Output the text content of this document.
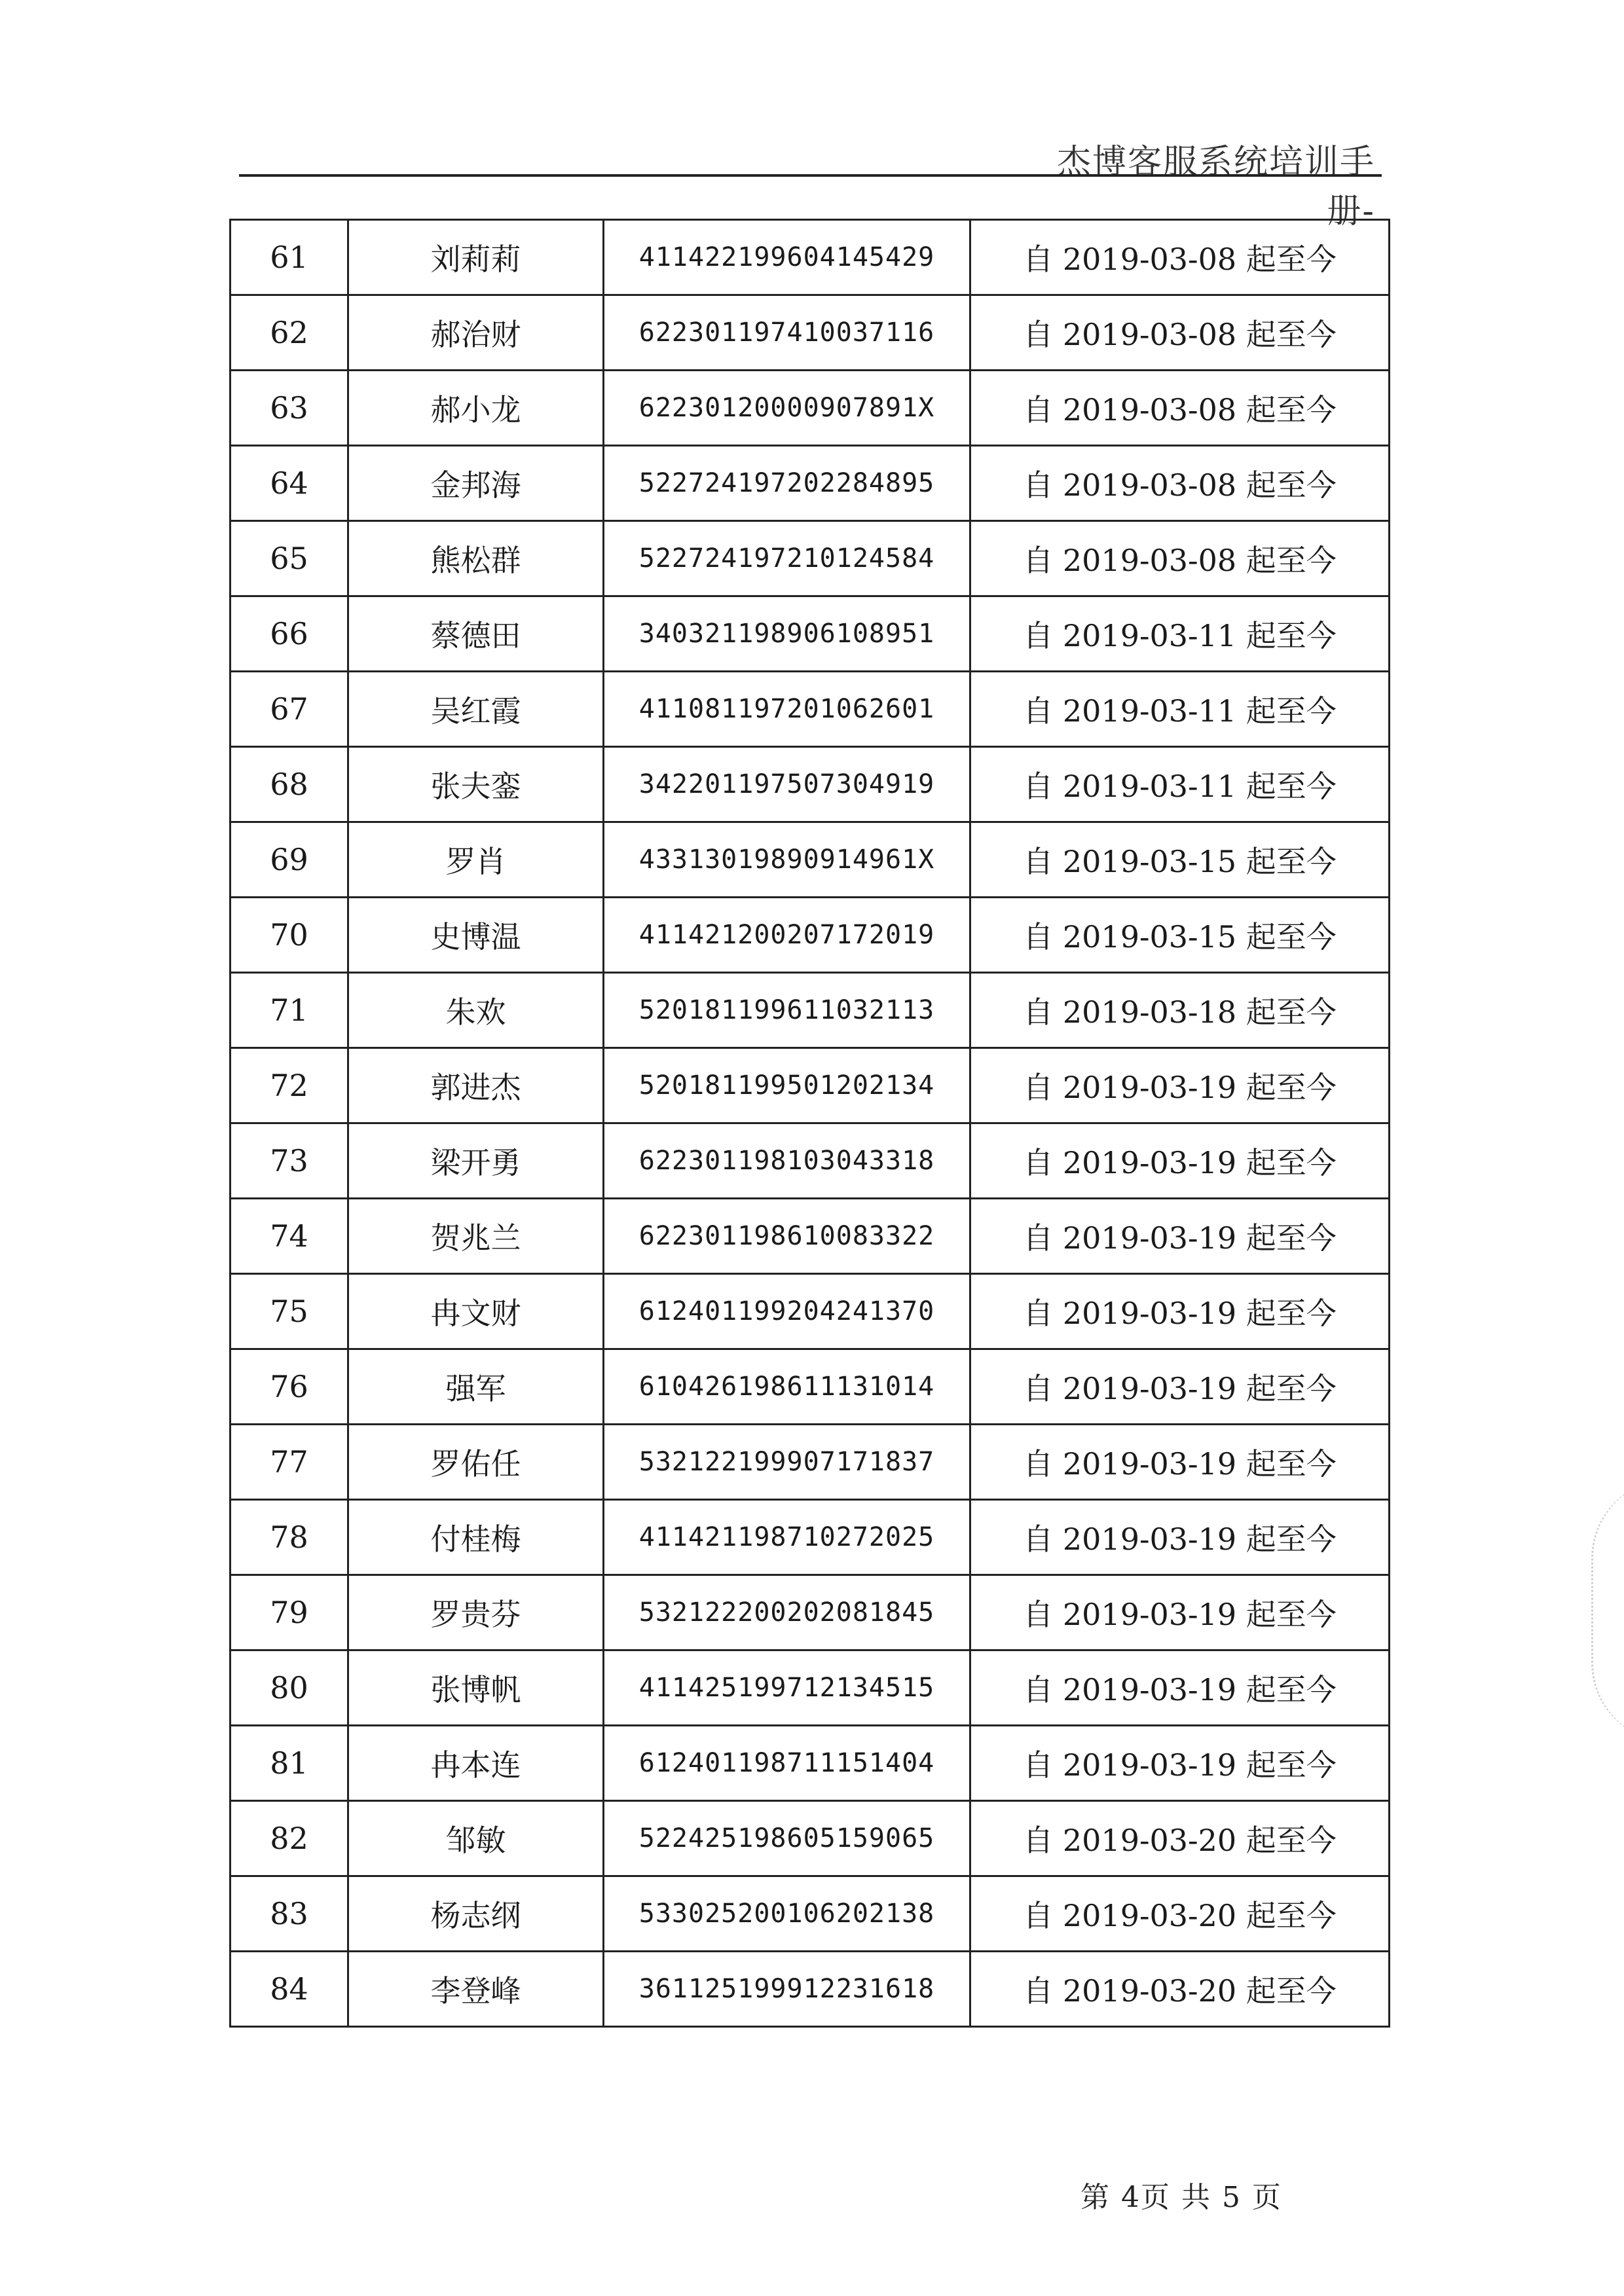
杰博客服系统培训手册-
61	刘莉莉	411422199604145429	自 2019-03-08 起至今
62	郝治财	622301197410037116	自 2019-03-08 起至今
63	郝小龙	62230120000907891X	自 2019-03-08 起至今
64	金邦海	522724197202284895	自 2019-03-08 起至今
65	熊松群	522724197210124584	自 2019-03-08 起至今
66	蔡德田	340321198906108951	自 2019-03-11 起至今
67	吴红霞	411081197201062601	自 2019-03-11 起至今
68	张夫銮	342201197507304919	自 2019-03-11 起至今
69	罗肖	43313019890914961X	自 2019-03-15 起至今
70	史博温	411421200207172019	自 2019-03-15 起至今
71	朱欢	520181199611032113	自 2019-03-18 起至今
72	郭进杰	520181199501202134	自 2019-03-19 起至今
73	梁开勇	622301198103043318	自 2019-03-19 起至今
74	贺兆兰	622301198610083322	自 2019-03-19 起至今
75	冉文财	612401199204241370	自 2019-03-19 起至今
76	强军	610426198611131014	自 2019-03-19 起至今
77	罗佑任	532122199907171837	自 2019-03-19 起至今
78	付桂梅	411421198710272025	自 2019-03-19 起至今
79	罗贵芬	532122200202081845	自 2019-03-19 起至今
80	张博帆	411425199712134515	自 2019-03-19 起至今
81	冉本连	612401198711151404	自 2019-03-19 起至今
82	邹敏	522425198605159065	自 2019-03-20 起至今
83	杨志纲	533025200106202138	自 2019-03-20 起至今
84	李登峰	361125199912231618	自 2019-03-20 起至今
第 4页 共 5 页
